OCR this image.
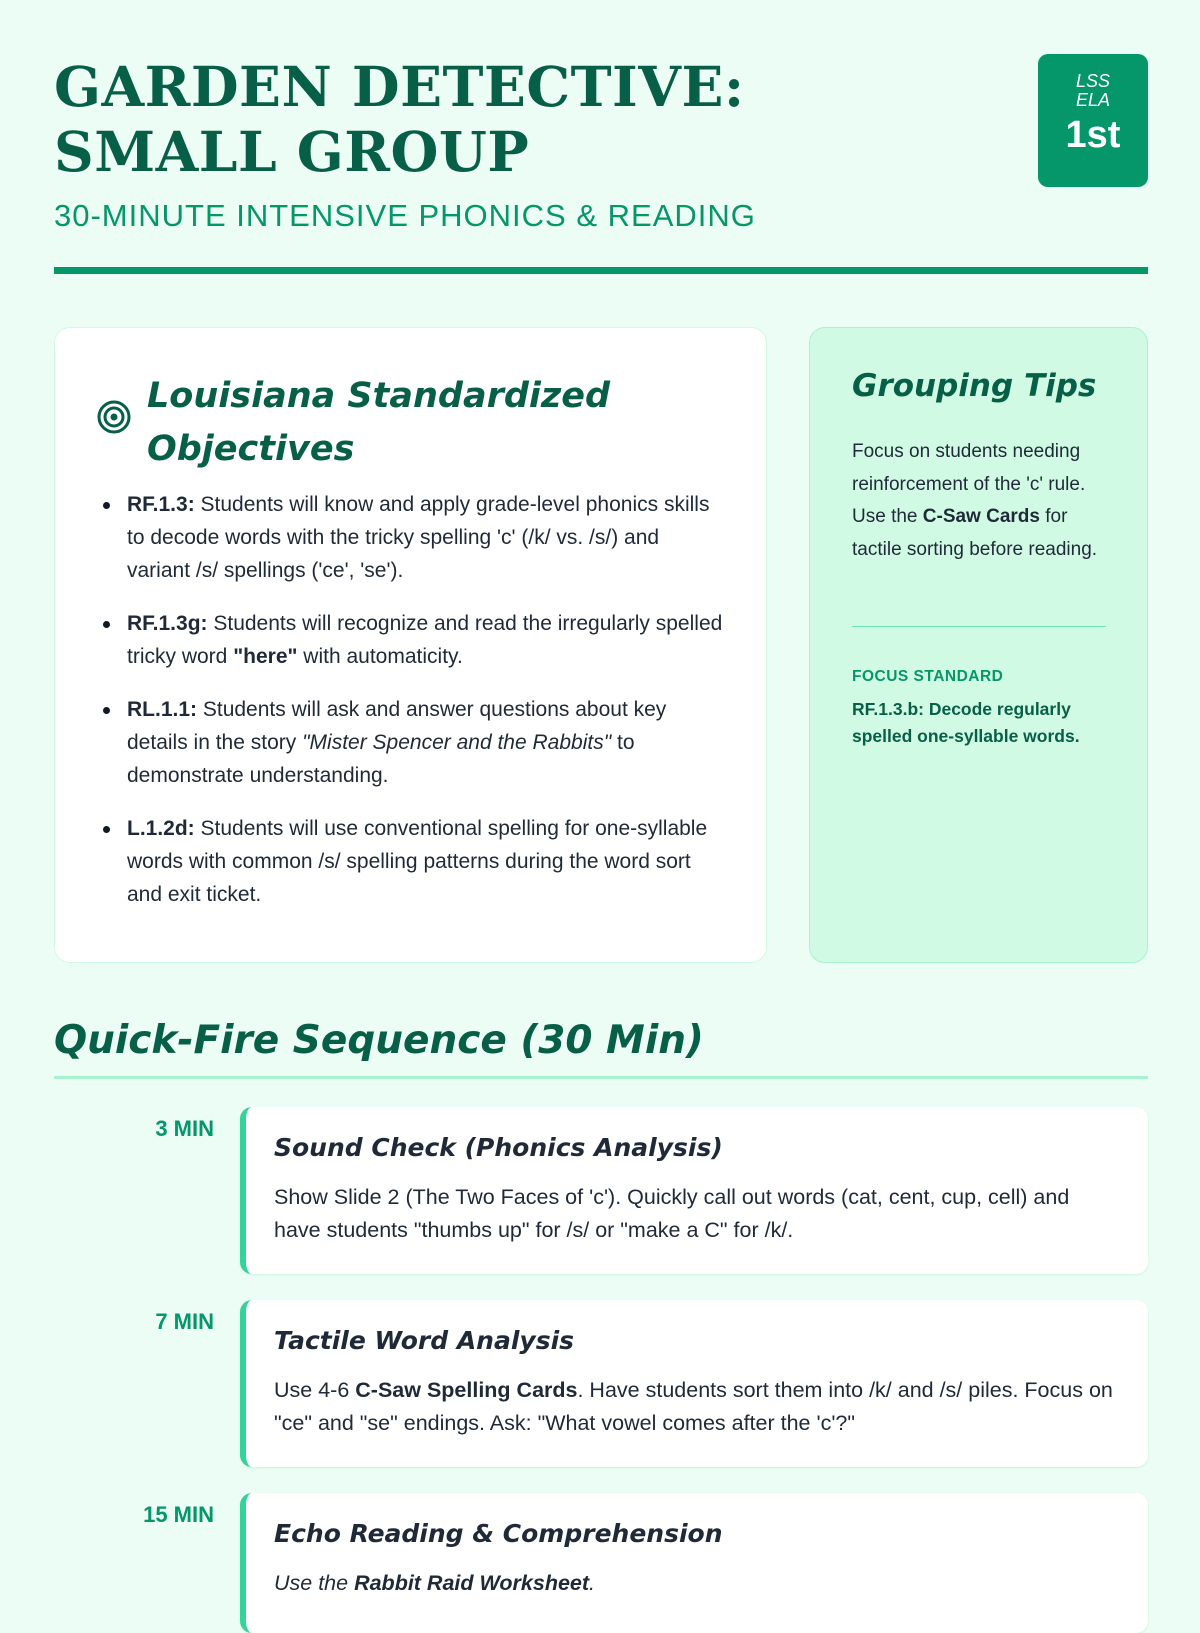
GARDEN DETECTIVE: SMALL GROUP
30-MINUTE INTENSIVE PHONICS & READING
LSS ELA
1st
Louisiana Standardized Objectives
RF.1.3: Students will know and apply grade-level phonics skills to decode words with the tricky spelling 'c' (/k/ vs. /s/) and variant /s/ spellings ('ce', 'se').
RF.1.3g: Students will recognize and read the irregularly spelled tricky word "here" with automaticity.
RL.1.1: Students will ask and answer questions about key details in the story "Mister Spencer and the Rabbits" to demonstrate understanding.
L.1.2d: Students will use conventional spelling for one-syllable words with common /s/ spelling patterns during the word sort and exit ticket.
Grouping Tips
Focus on students needing reinforcement of the 'c' rule. Use the C-Saw Cards for tactile sorting before reading.
FOCUS STANDARD
RF.1.3.b: Decode regularly spelled one-syllable words.
Quick-Fire Sequence (30 Min)
3 MIN
Sound Check (Phonics Analysis)

Show Slide 2 (The Two Faces of 'c'). Quickly call out words (cat, cent, cup, cell) and have students "thumbs up" for /s/ or "make a C" for /k/.

7 MIN
Tactile Word Analysis

Use 4-6 C-Saw Spelling Cards. Have students sort them into /k/ and /s/ piles. Focus on "ce" and "se" endings. Ask: "What vowel comes after the 'c'?"

15 MIN
Echo Reading & Comprehension

Use the Rabbit Raid Worksheet.
